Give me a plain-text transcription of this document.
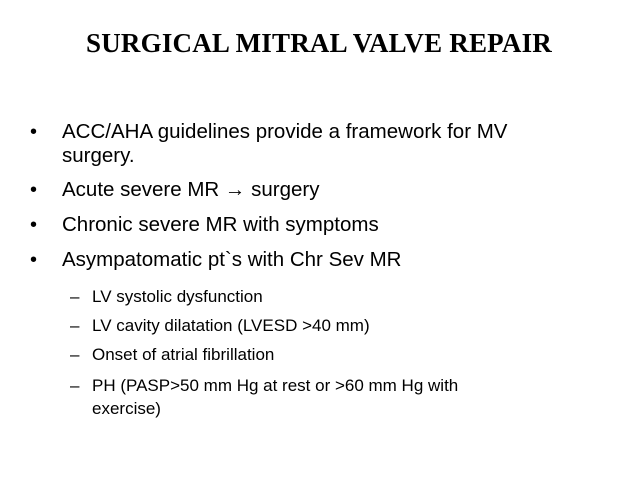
SURGICAL MITRAL VALVE REPAIR
• ACC/AHA guidelines provide a framework for MV
surgery.
• Acute severe MR → surgery
• Chronic severe MR with symptoms
• Asympatomatic pt`s with Chr Sev MR
– LV systolic dysfunction
– LV cavity dilatation (LVESD >40 mm)
– Onset of atrial fibrillation
– PH (PASP>50 mm Hg at rest or >60 mm Hg with
exercise)
